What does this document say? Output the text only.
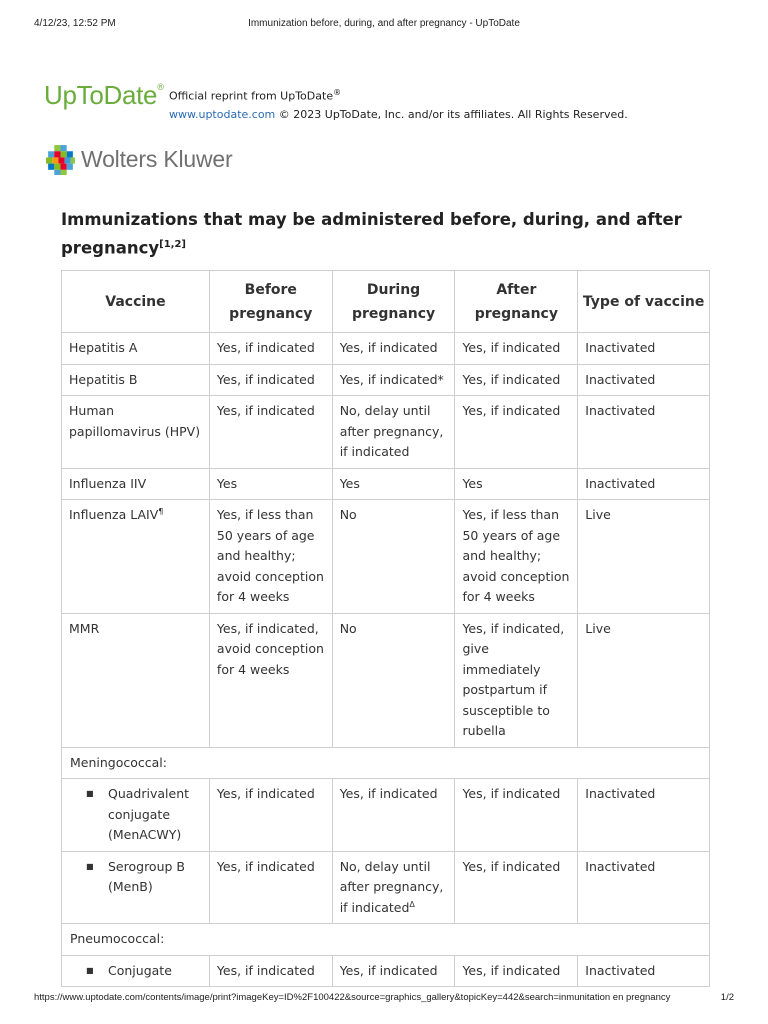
4/12/23, 12:52 PM	Immunization before, during, and after pregnancy - UpToDate
UpToDate®
Official reprint from UpToDate®
www.uptodate.com © 2023 UpToDate, Inc. and/or its affiliates. All Rights Reserved.
Wolters Kluwer
Immunizations that may be administered before, during, and after pregnancy[1,2]
Vaccine	Before pregnancy	During pregnancy	After pregnancy	Type of vaccine
Hepatitis A	Yes, if indicated	Yes, if indicated	Yes, if indicated	Inactivated
Hepatitis B	Yes, if indicated	Yes, if indicated*	Yes, if indicated	Inactivated
Human papillomavirus (HPV)	Yes, if indicated	No, delay until after pregnancy, if indicated	Yes, if indicated	Inactivated
Influenza IIV	Yes	Yes	Yes	Inactivated
Influenza LAIV¶	Yes, if less than 50 years of age and healthy; avoid conception for 4 weeks	No	Yes, if less than 50 years of age and healthy; avoid conception for 4 weeks	Live
MMR	Yes, if indicated, avoid conception for 4 weeks	No	Yes, if indicated, give immediately postpartum if susceptible to rubella	Live
Meningococcal:				

■ Quadrivalent conjugate (MenACWY)	Yes, if indicated	Yes, if indicated	Yes, if indicated	Inactivated

■ Serogroup B (MenB)	Yes, if indicated	No, delay until after pregnancy, if indicated$^\Delta$	Yes, if indicated	Inactivated
Pneumococcal:				

■ Conjugate	Yes, if indicated	Yes, if indicated	Yes, if indicated	Inactivated
https://www.uptodate.com/contents/image/print?imageKey=ID%2F100422&source=graphics_gallery&topicKey=442&search=inmunitation en pregnancy	1/2
